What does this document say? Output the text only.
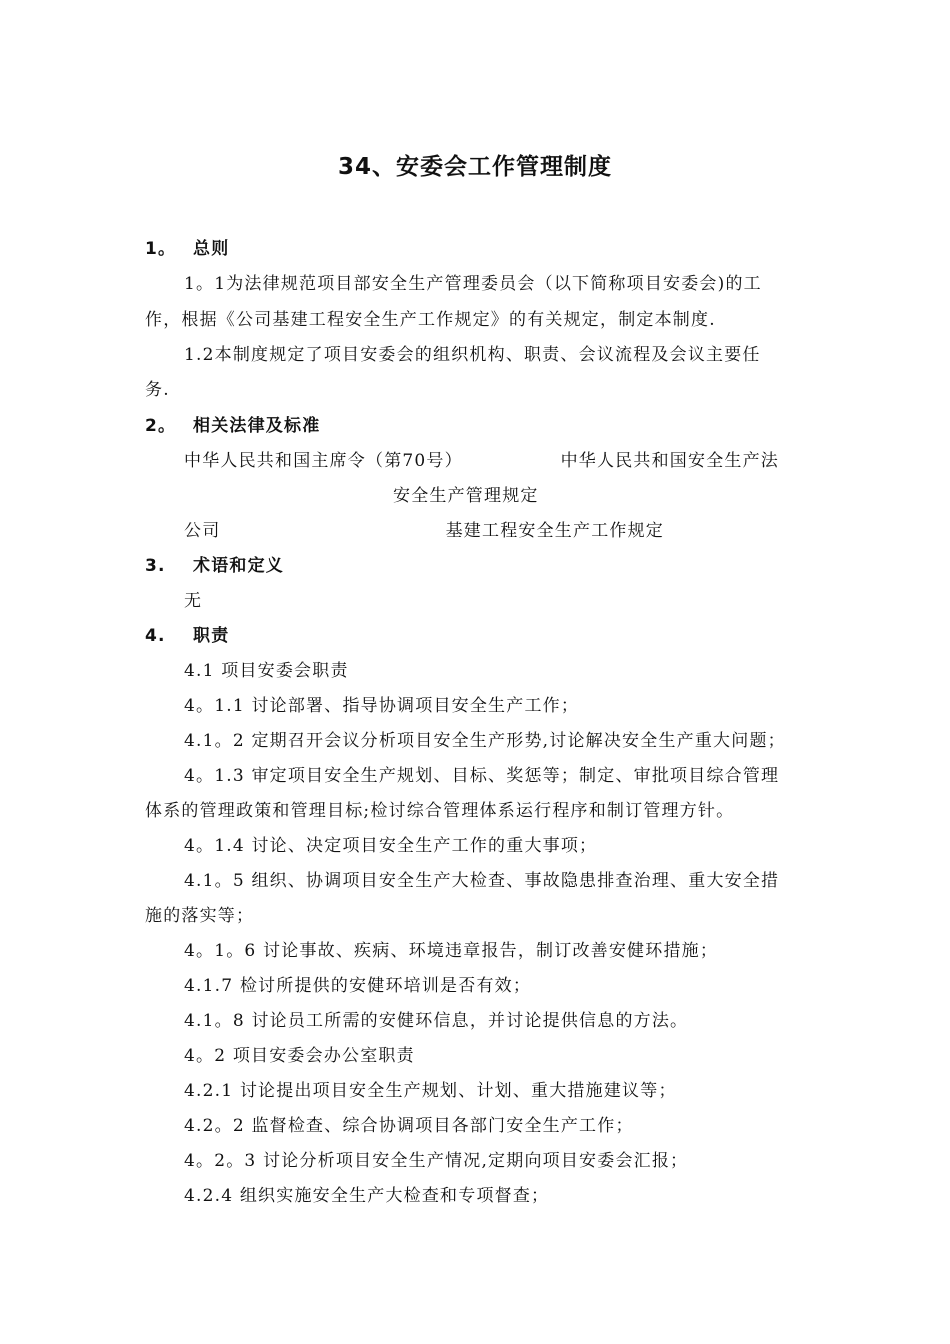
34、安委会工作管理制度
1。 总则
1。1为法律规范项目部安全生产管理委员会（以下简称项目安委会)的工
作，根据《公司基建工程安全生产工作规定》的有关规定，制定本制度.
1.2本制度规定了项目安委会的组织机构、职责、会议流程及会议主要任
务.
2。 相关法律及标准
中华人民共和国主席令（第70号）	中华人民共和国安全生产法
安全生产管理规定
公司	基建工程安全生产工作规定
3. 术语和定义
无
4. 职责
4.1 项目安委会职责
4。1.1 讨论部署、指导协调项目安全生产工作；
4.1。2 定期召开会议分析项目安全生产形势,讨论解决安全生产重大问题；
4。1.3 审定项目安全生产规划、目标、奖惩等；制定、审批项目综合管理
体系的管理政策和管理目标;检讨综合管理体系运行程序和制订管理方针。
4。1.4 讨论、决定项目安全生产工作的重大事项；
4.1。5 组织、协调项目安全生产大检查、事故隐患排查治理、重大安全措
施的落实等；
4。1。6 讨论事故、疾病、环境违章报告，制订改善安健环措施；
4.1.7 检讨所提供的安健环培训是否有效；
4.1。8 讨论员工所需的安健环信息，并讨论提供信息的方法。
4。2 项目安委会办公室职责
4.2.1 讨论提出项目安全生产规划、计划、重大措施建议等；
4.2。2 监督检查、综合协调项目各部门安全生产工作；
4。2。3 讨论分析项目安全生产情况,定期向项目安委会汇报；
4.2.4 组织实施安全生产大检查和专项督查；
